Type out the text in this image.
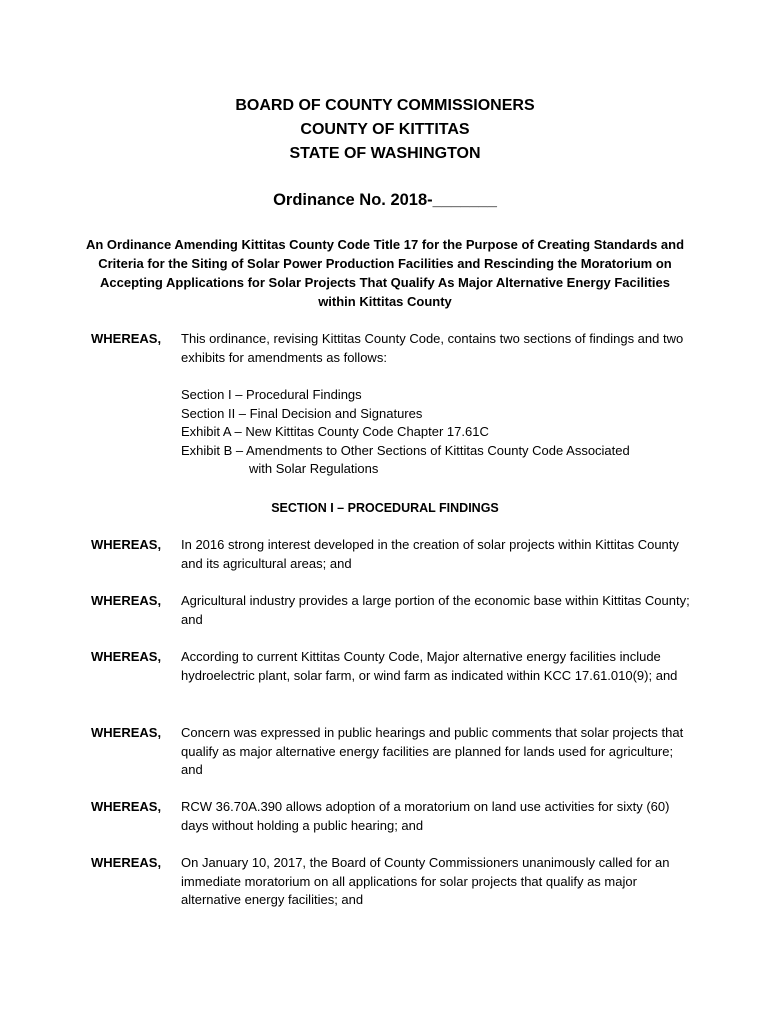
BOARD OF COUNTY COMMISSIONERS
COUNTY OF KITTITAS
STATE OF WASHINGTON
Ordinance No. 2018-_______
An Ordinance Amending Kittitas County Code Title 17 for the Purpose of Creating Standards and Criteria for the Siting of Solar Power Production Facilities and Rescinding the Moratorium on Accepting Applications for Solar Projects That Qualify As Major Alternative Energy Facilities within Kittitas County
WHEREAS, This ordinance, revising Kittitas County Code, contains two sections of findings and two exhibits for amendments as follows:
Section I – Procedural Findings
Section II – Final Decision and Signatures
Exhibit A – New Kittitas County Code Chapter 17.61C
Exhibit B – Amendments to Other Sections of Kittitas County Code Associated
with Solar Regulations
SECTION I – PROCEDURAL FINDINGS
WHEREAS, In 2016 strong interest developed in the creation of solar projects within Kittitas County and its agricultural areas; and
WHEREAS, Agricultural industry provides a large portion of the economic base within Kittitas County; and
WHEREAS, According to current Kittitas County Code, Major alternative energy facilities include hydroelectric plant, solar farm, or wind farm as indicated within KCC 17.61.010(9); and
WHEREAS, Concern was expressed in public hearings and public comments that solar projects that qualify as major alternative energy facilities are planned for lands used for agriculture; and
WHEREAS, RCW 36.70A.390 allows adoption of a moratorium on land use activities for sixty (60) days without holding a public hearing; and
WHEREAS, On January 10, 2017, the Board of County Commissioners unanimously called for an immediate moratorium on all applications for solar projects that qualify as major alternative energy facilities; and
